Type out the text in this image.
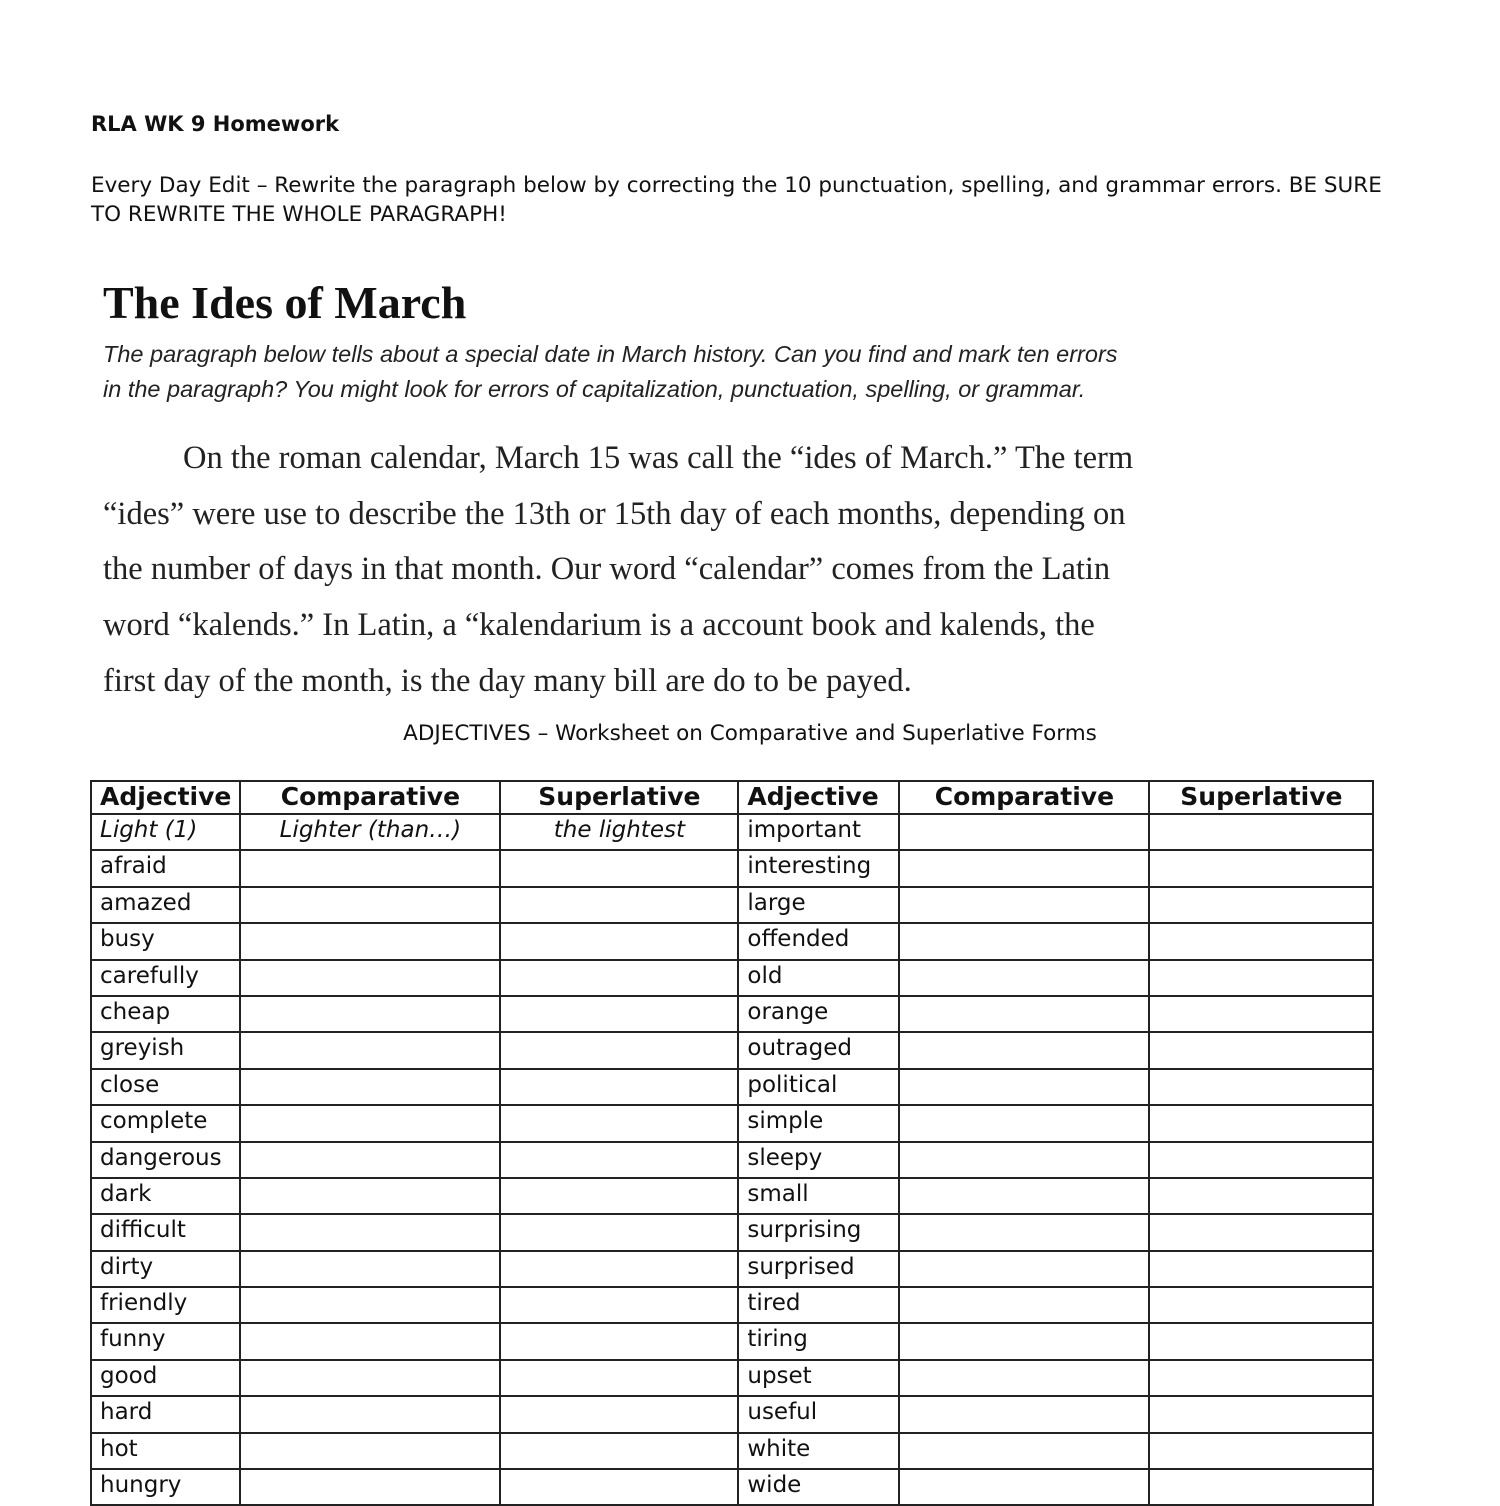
RLA WK 9 Homework
Every Day Edit – Rewrite the paragraph below by correcting the 10 punctuation, spelling, and grammar errors. BE SURE TO REWRITE THE WHOLE PARAGRAPH!
The Ides of March
The paragraph below tells about a special date in March history. Can you find and mark ten errors
in the paragraph? You might look for errors of capitalization, punctuation, spelling, or grammar.
On the roman calendar, March 15 was call the “ides of March.” The term
“ides” were use to describe the 13th or 15th day of each months, depending on
the number of days in that month. Our word “calendar” comes from the Latin
word “kalends.” In Latin, a “kalendarium is a account book and kalends, the
first day of the month, is the day many bill are do to be payed.
ADJECTIVES – Worksheet on Comparative and Superlative Forms
Adjective	Comparative	Superlative	Adjective	Comparative	Superlative
Light (1)	Lighter (than…)	the lightest	important		
afraid			interesting		
amazed			large		
busy			offended		
carefully			old		
cheap			orange		
greyish			outraged		
close			political		
complete			simple		
dangerous			sleepy		
dark			small		
difficult			surprising		
dirty			surprised		
friendly			tired		
funny			tiring		
good			upset		
hard			useful		
hot			white		
hungry			wide		
